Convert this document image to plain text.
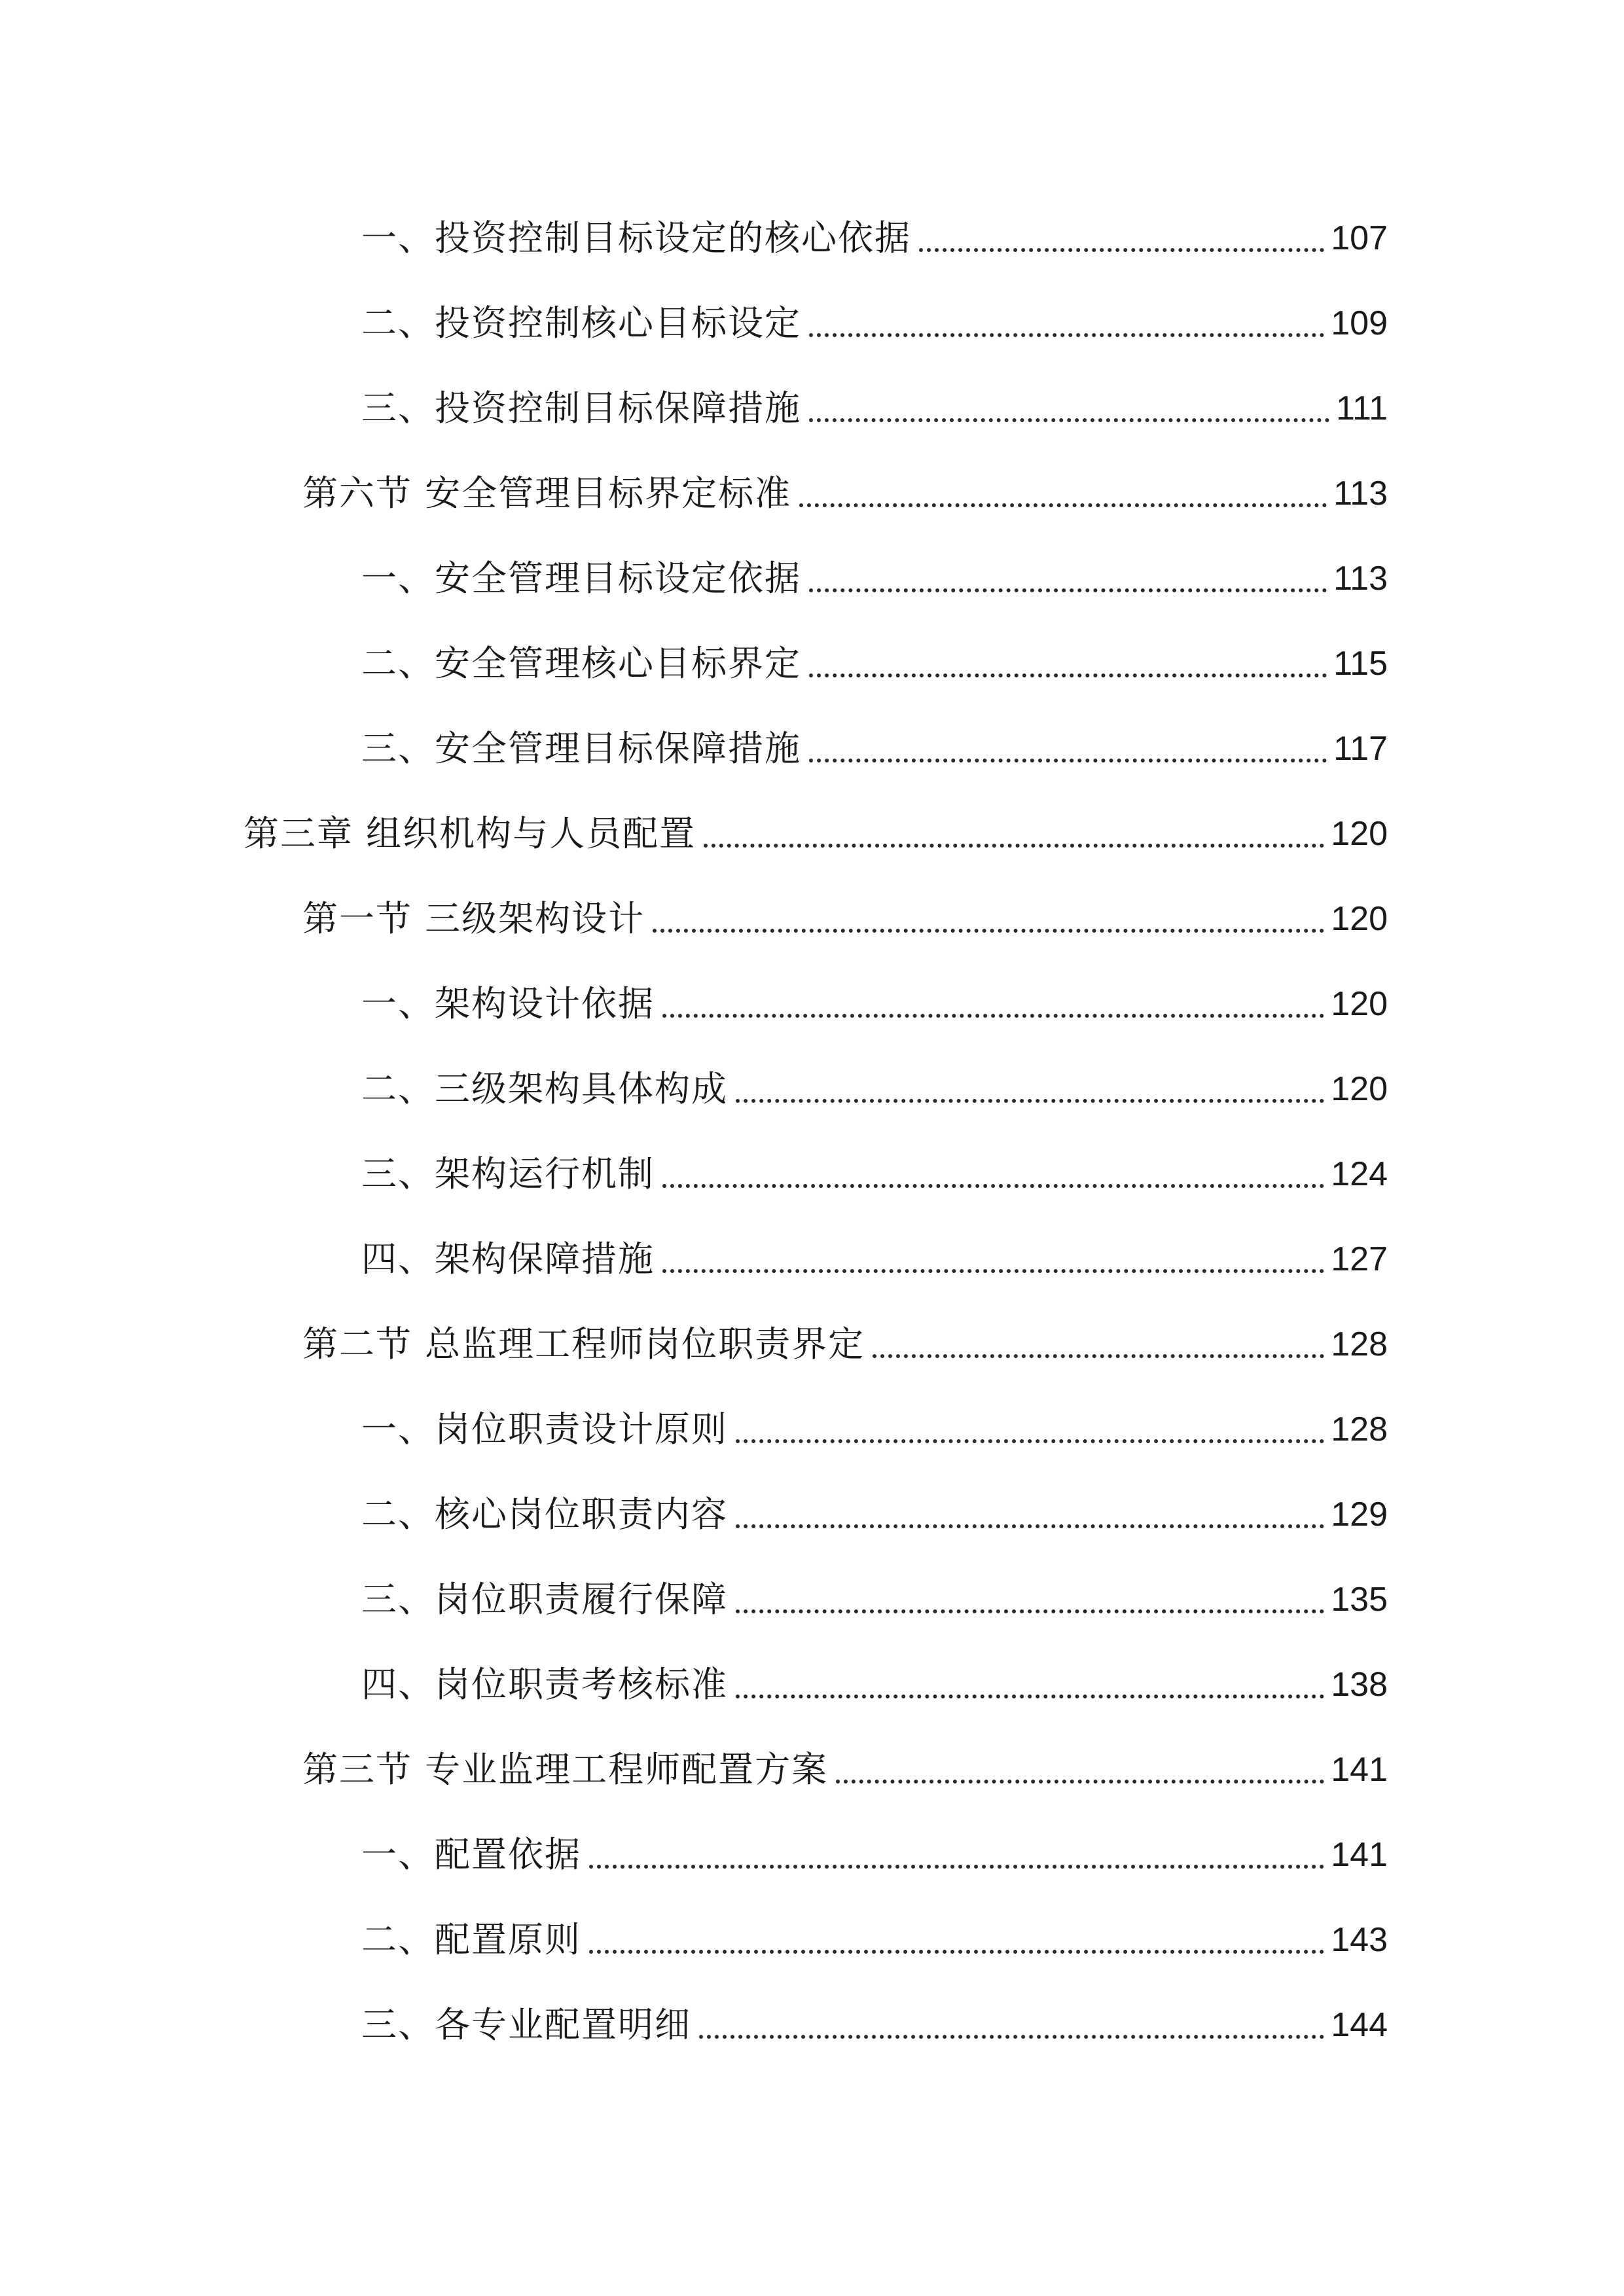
一、投资控制目标设定的核心依据	107
二、投资控制核心目标设定	109
三、投资控制目标保障措施	111
第六节 安全管理目标界定标准	113
一、安全管理目标设定依据	113
二、安全管理核心目标界定	115
三、安全管理目标保障措施	117
第三章 组织机构与人员配置	120
第一节 三级架构设计	120
一、架构设计依据	120
二、三级架构具体构成	120
三、架构运行机制	124
四、架构保障措施	127
第二节 总监理工程师岗位职责界定	128
一、岗位职责设计原则	128
二、核心岗位职责内容	129
三、岗位职责履行保障	135
四、岗位职责考核标准	138
第三节 专业监理工程师配置方案	141
一、配置依据	141
二、配置原则	143
三、各专业配置明细	144
